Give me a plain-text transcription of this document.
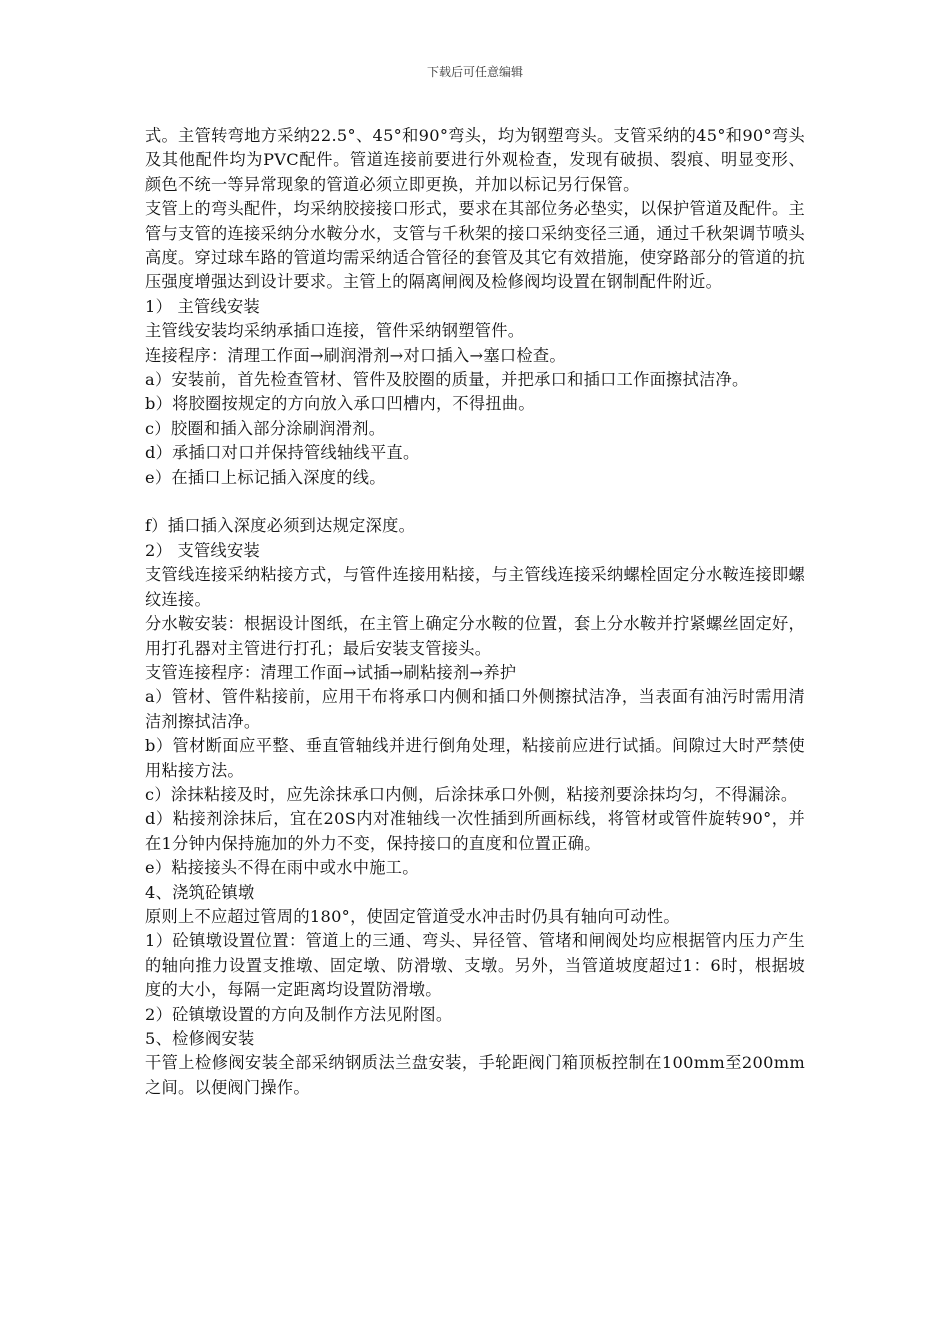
下载后可任意编辑

式。主管转弯地方采纳22.5°、45°和90°弯头，均为钢塑弯头。支管采纳的45°和90°弯头及其他配件均为PVC配件。管道连接前要进行外观检查，发现有破损、裂痕、明显变形、颜色不统一等异常现象的管道必须立即更换，并加以标记另行保管。

支管上的弯头配件，均采纳胶接接口形式，要求在其部位务必垫实，以保护管道及配件。主管与支管的连接采纳分水鞍分水，支管与千秋架的接口采纳变径三通，通过千秋架调节喷头高度。穿过球车路的管道均需采纳适合管径的套管及其它有效措施，使穿路部分的管道的抗压强度增强达到设计要求。主管上的隔离闸阀及检修阀均设置在钢制配件附近。

1） 主管线安装

主管线安装均采纳承插口连接，管件采纳钢塑管件。

连接程序：清理工作面→刷润滑剂→对口插入→塞口检查。

a）安装前，首先检查管材、管件及胶圈的质量，并把承口和插口工作面擦拭洁净。

b）将胶圈按规定的方向放入承口凹槽内，不得扭曲。

c）胶圈和插入部分涂刷润滑剂。

d）承插口对口并保持管线轴线平直。

e）在插口上标记插入深度的线。

f）插口插入深度必须到达规定深度。

2） 支管线安装

支管线连接采纳粘接方式，与管件连接用粘接，与主管线连接采纳螺栓固定分水鞍连接即螺纹连接。

分水鞍安装：根据设计图纸，在主管上确定分水鞍的位置，套上分水鞍并拧紧螺丝固定好，用打孔器对主管进行打孔；最后安装支管接头。

支管连接程序：清理工作面→试插→刷粘接剂→养护

a）管材、管件粘接前，应用干布将承口内侧和插口外侧擦拭洁净，当表面有油污时需用清洁剂擦拭洁净。

b）管材断面应平整、垂直管轴线并进行倒角处理，粘接前应进行试插。间隙过大时严禁使用粘接方法。

c）涂抹粘接及时，应先涂抹承口内侧，后涂抹承口外侧，粘接剂要涂抹均匀，不得漏涂。

d）粘接剂涂抹后，宜在20S内对准轴线一次性插到所画标线，将管材或管件旋转90°，并在1分钟内保持施加的外力不变，保持接口的直度和位置正确。

e）粘接接头不得在雨中或水中施工。

4、浇筑砼镇墩

原则上不应超过管周的180°，使固定管道受水冲击时仍具有轴向可动性。

1）砼镇墩设置位置：管道上的三通、弯头、异径管、管堵和闸阀处均应根据管内压力产生的轴向推力设置支推墩、固定墩、防滑墩、支墩。另外，当管道坡度超过1：6时，根据坡度的大小，每隔一定距离均设置防滑墩。

2）砼镇墩设置的方向及制作方法见附图。

5、检修阀安装

干管上检修阀安装全部采纳钢质法兰盘安装，手轮距阀门箱顶板控制在100mm至200mm之间。以便阀门操作。
